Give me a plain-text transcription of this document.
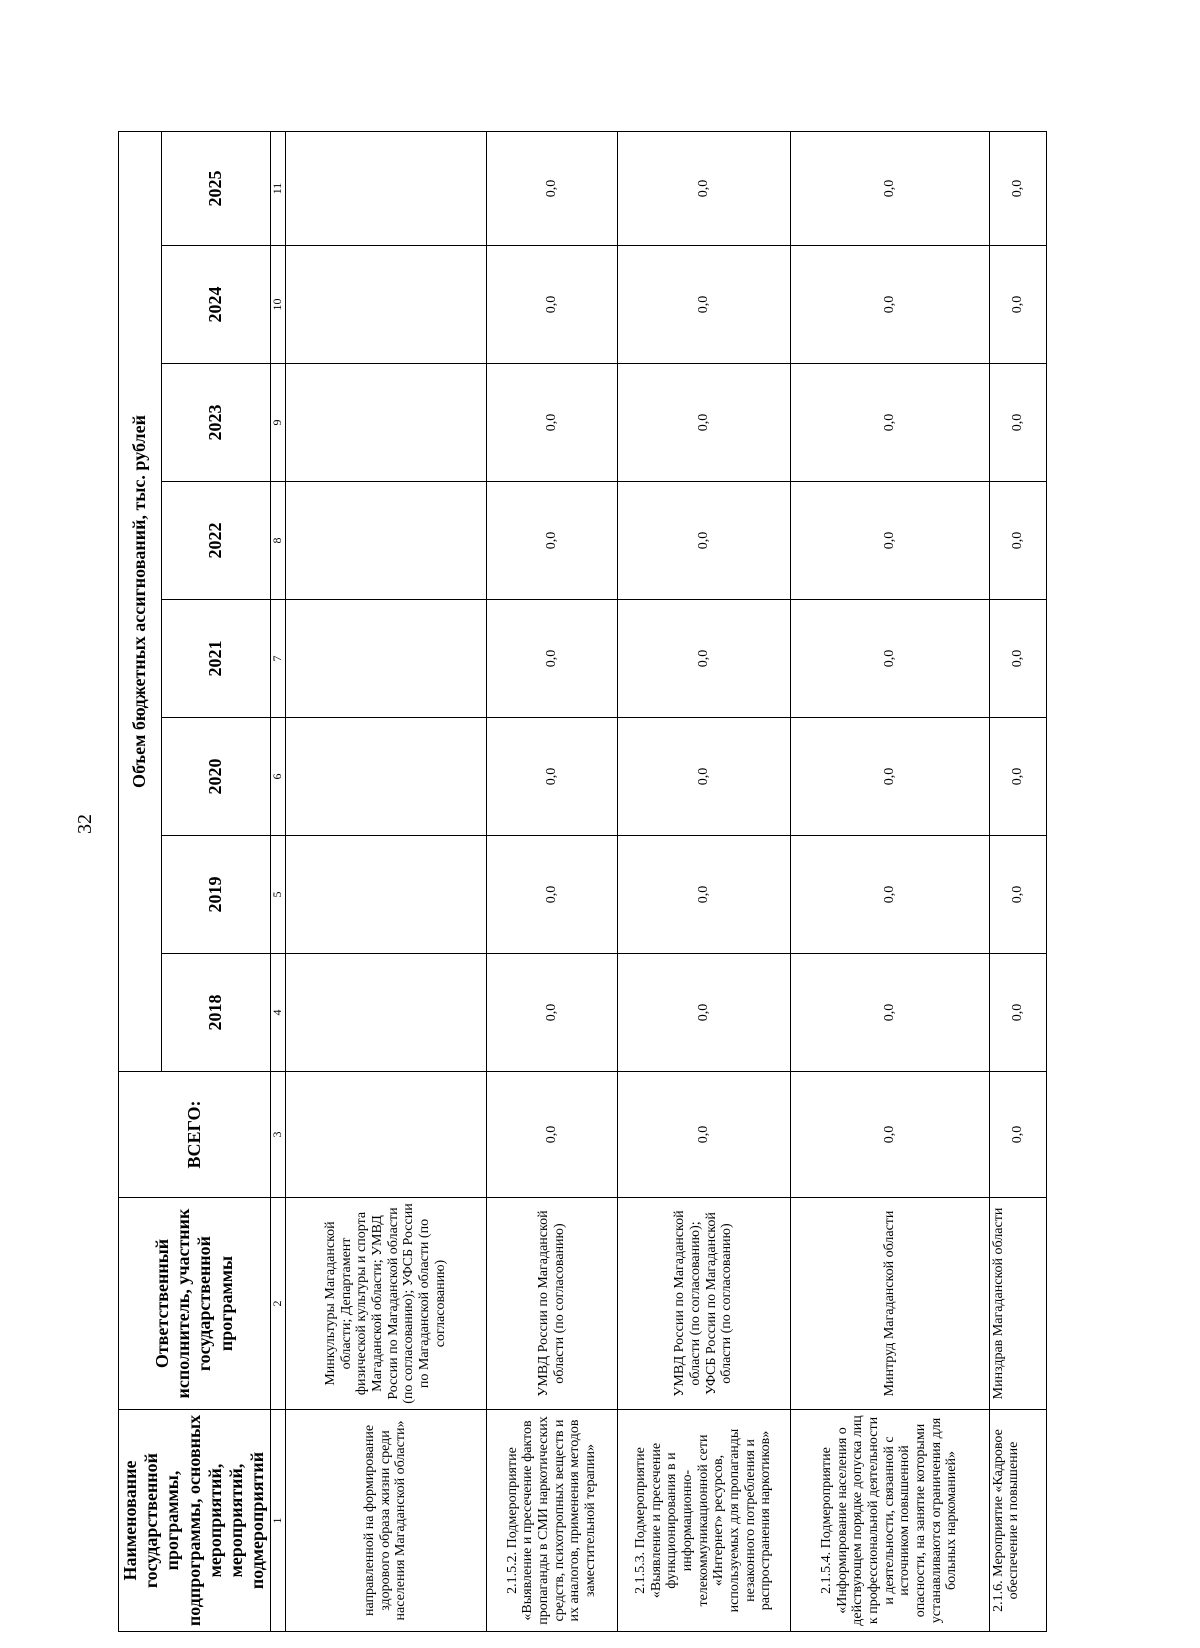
32
Наименование государственной программы, подпрограммы, основных мероприятий, мероприятий, подмероприятий	Ответственный исполнитель, участник государственной программы	ВСЕГО:	Объем бюджетных ассигнований, тыс. рублей							
			2018	2019	2020	2021	2022	2023	2024	2025
1	2	3	4	5	6	7	8	9	10	11
направленной на формирование здорового образа жизни среди населения Магаданской области»	Минкультуры Магаданской области; Департамент физической культуры и спорта Магаданской области; УМВД России по Магаданской области (по согласованию); УФСБ России по Магаданской области (по согласованию)									
2.1.5.2. Подмероприятие «Выявление и пресечение фактов пропаганды в СМИ наркотических средств, психотропных веществ и их аналогов, применения методов заместительной терапии»	УМВД России по Магаданской области (по согласованию)	0,0	0,0	0,0	0,0	0,0	0,0	0,0	0,0	0,0
2.1.5.3. Подмероприятие «Выявление и пресечение функционирования в и информационно-телекоммуникационной сети «Интернет» ресурсов, используемых для пропаганды незаконного потребления и распространения наркотиков»	УМВД России по Магаданской области (по согласованию); УФСБ России по Магаданской области (по согласованию)	0,0	0,0	0,0	0,0	0,0	0,0	0,0	0,0	0,0
2.1.5.4. Подмероприятие «Информирование населения о действующем порядке допуска лиц к профессиональной деятельности и деятельности, связанной с источником повышенной опасности, на занятие которыми устанавливаются ограничения для больных наркоманией»	Минтруд Магаданской области	0,0	0,0	0,0	0,0	0,0	0,0	0,0	0,0	0,0
2.1.6. Мероприятие «Кадровое обеспечение и повышение	Минздрав Магаданской области	0,0	0,0	0,0	0,0	0,0	0,0	0,0	0,0	0,0
